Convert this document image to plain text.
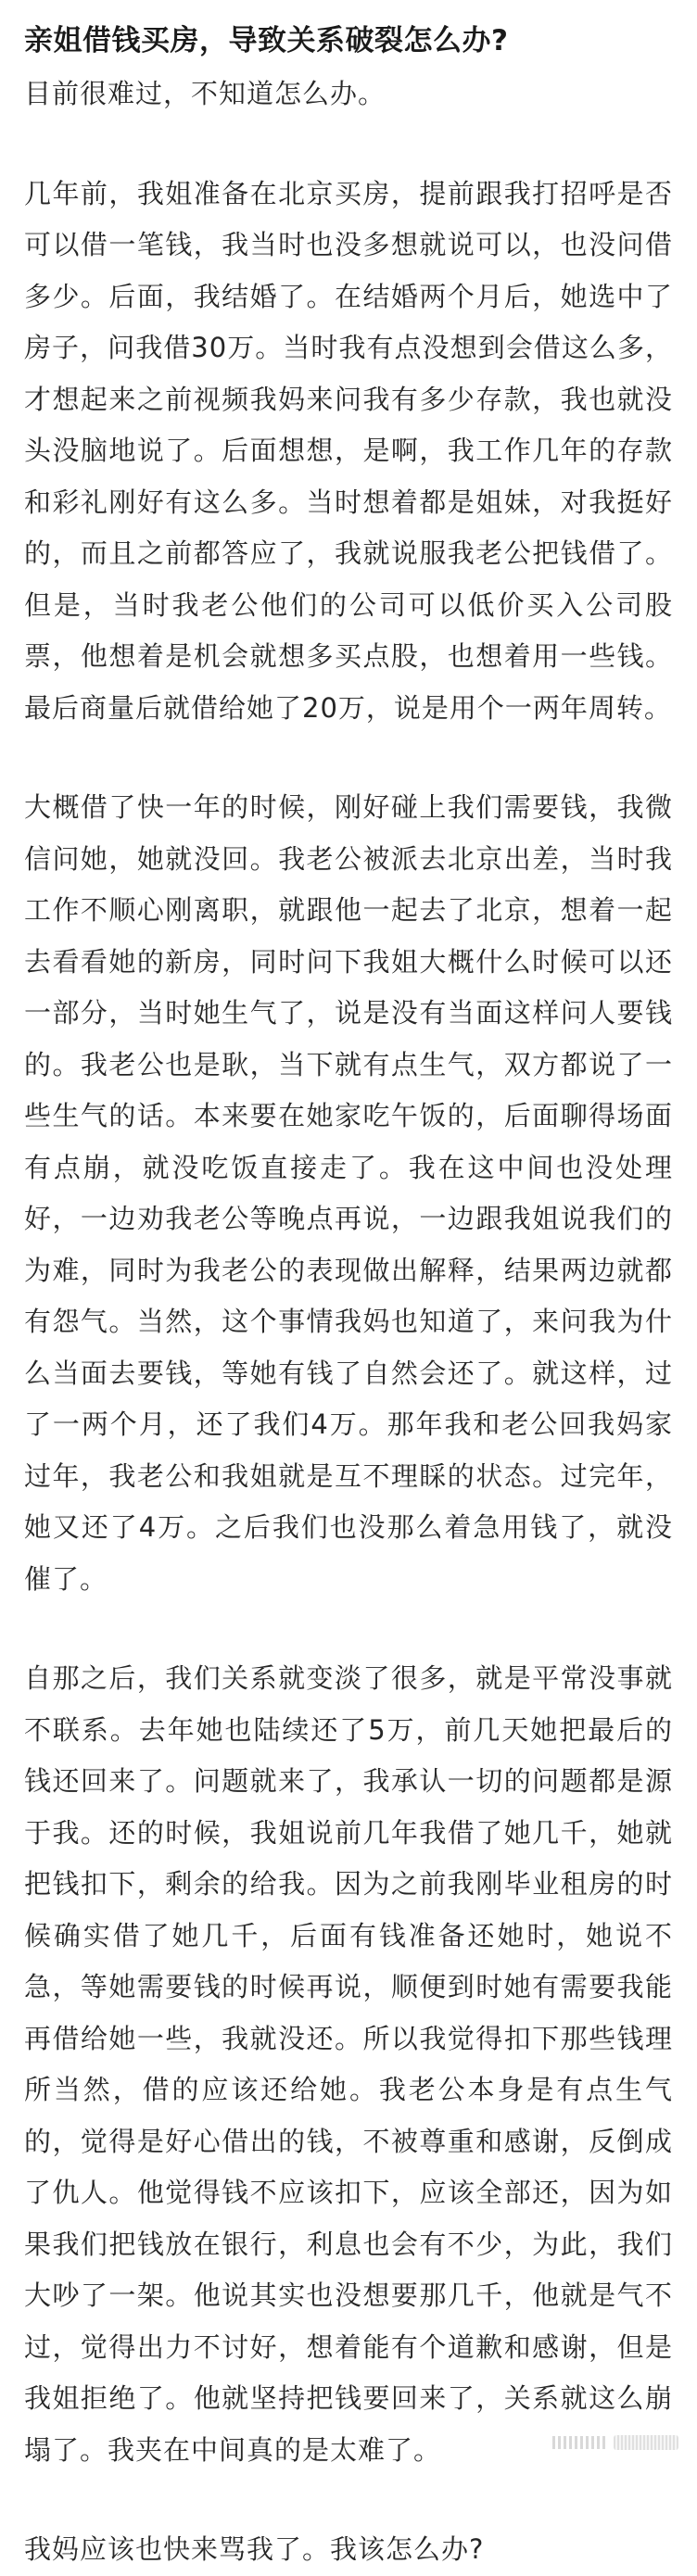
亲姐借钱买房，导致关系破裂怎么办?

目前很难过，不知道怎么办。

几年前，我姐准备在北京买房，提前跟我打招呼是否可以借一笔钱，我当时也没多想就说可以，也没问借多少。后面，我结婚了。在结婚两个月后，她选中了房子，问我借30万。当时我有点没想到会借这么多，才想起来之前视频我妈来问我有多少存款，我也就没头没脑地说了。后面想想，是啊，我工作几年的存款和彩礼刚好有这么多。当时想着都是姐妹，对我挺好的，而且之前都答应了，我就说服我老公把钱借了。但是，当时我老公他们的公司可以低价买入公司股票，他想着是机会就想多买点股，也想着用一些钱。最后商量后就借给她了20万，说是用个一两年周转。

大概借了快一年的时候，刚好碰上我们需要钱，我微信问她，她就没回。我老公被派去北京出差，当时我工作不顺心刚离职，就跟他一起去了北京，想着一起去看看她的新房，同时问下我姐大概什么时候可以还一部分，当时她生气了，说是没有当面这样问人要钱的。我老公也是耿，当下就有点生气，双方都说了一些生气的话。本来要在她家吃午饭的，后面聊得场面有点崩，就没吃饭直接走了。我在这中间也没处理好，一边劝我老公等晚点再说，一边跟我姐说我们的为难，同时为我老公的表现做出解释，结果两边就都有怨气。当然，这个事情我妈也知道了，来问我为什么当面去要钱，等她有钱了自然会还了。就这样，过了一两个月，还了我们4万。那年我和老公回我妈家过年，我老公和我姐就是互不理睬的状态。过完年，她又还了4万。之后我们也没那么着急用钱了，就没催了。

自那之后，我们关系就变淡了很多，就是平常没事就不联系。去年她也陆续还了5万，前几天她把最后的钱还回来了。问题就来了，我承认一切的问题都是源于我。还的时候，我姐说前几年我借了她几千，她就把钱扣下，剩余的给我。因为之前我刚毕业租房的时候确实借了她几千，后面有钱准备还她时，她说不急，等她需要钱的时候再说，顺便到时她有需要我能再借给她一些，我就没还。所以我觉得扣下那些钱理所当然，借的应该还给她。我老公本身是有点生气的，觉得是好心借出的钱，不被尊重和感谢，反倒成了仇人。他觉得钱不应该扣下，应该全部还，因为如果我们把钱放在银行，利息也会有不少，为此，我们大吵了一架。他说其实也没想要那几千，他就是气不过，觉得出力不讨好，想着能有个道歉和感谢，但是我姐拒绝了。他就坚持把钱要回来了，关系就这么崩塌了。我夹在中间真的是太难了。

我妈应该也快来骂我了。我该怎么办?
